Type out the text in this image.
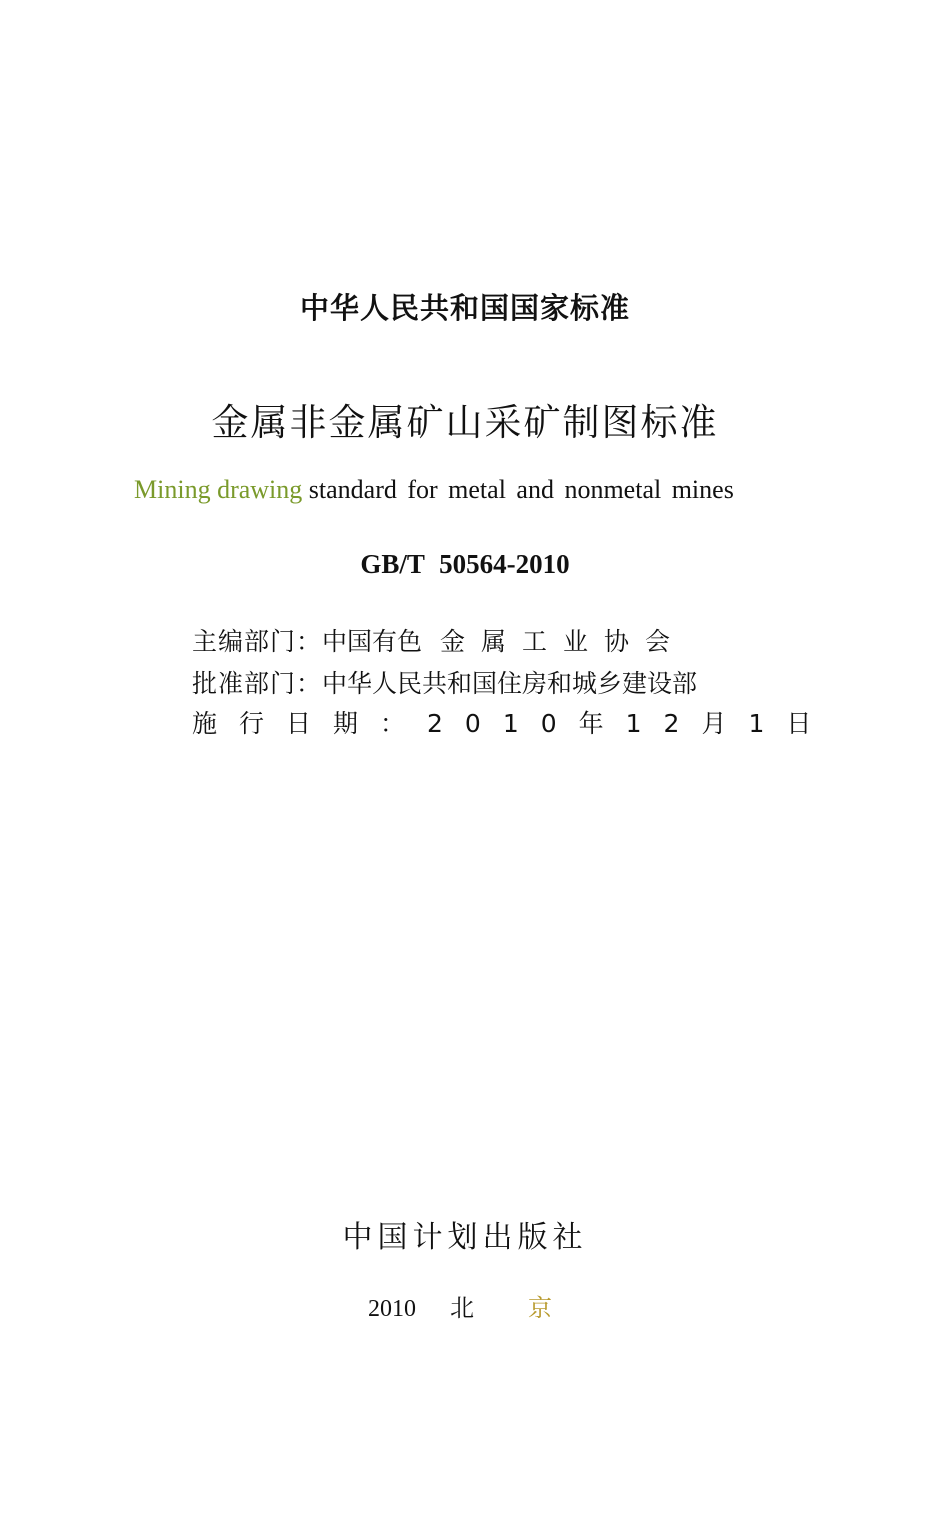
中华人民共和国国家标准
金属非金属矿山采矿制图标准
Mining drawing standard for metal and nonmetal mines
GB/T 50564-2010
主编部门：中国有色 金属工业协会
批准部门：中华人民共和国住房和城乡建设部
施行日期：2010年12月1日
中国计划出版社
2010 北 京
